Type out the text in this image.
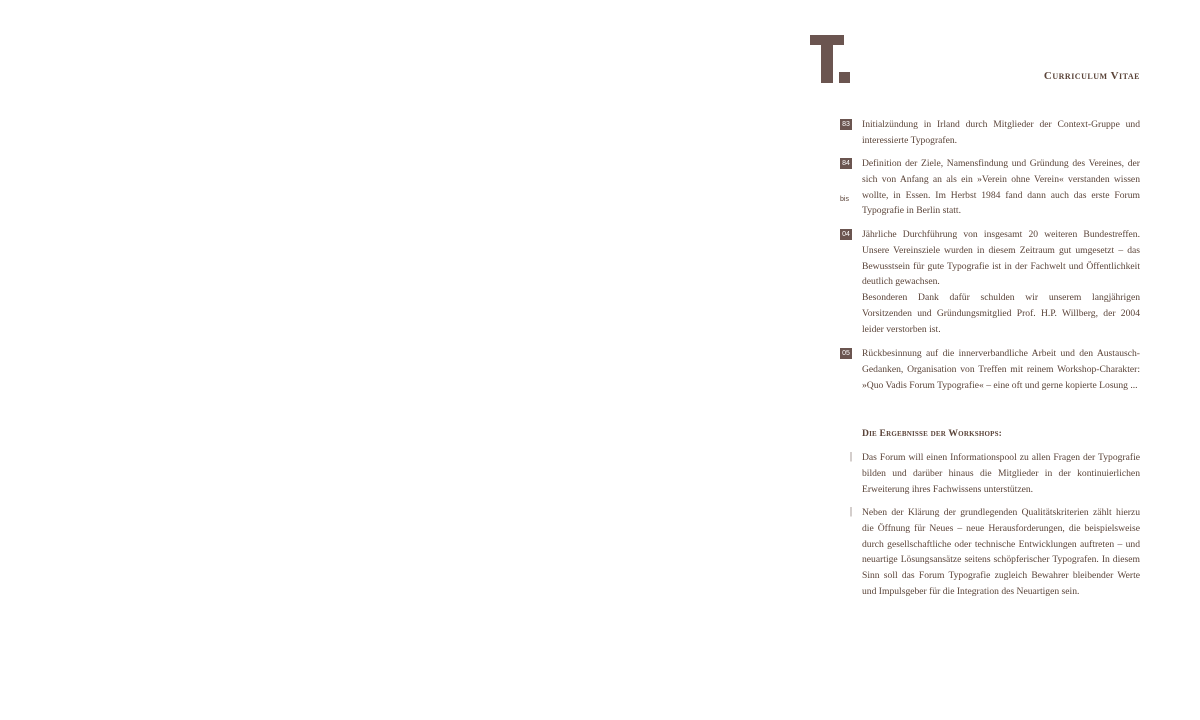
Curriculum Vitae
83 Initialzündung in Irland durch Mitglieder der Context-Gruppe und interessierte Typografen.

84
bis

Definition der Ziele, Namensfindung und Gründung des Vereines, der sich von Anfang an als ein »Verein ohne Verein« verstanden wissen wollte, in Essen. Im Herbst 1984 fand dann auch das erste Forum Typografie in Berlin statt.

04 Jährliche Durchführung von insgesamt 20 weiteren Bundestreffen. Unsere Vereinsziele wurden in diesem Zeitraum gut umgesetzt – das Bewusstsein für gute Typografie ist in der Fachwelt und Öffentlichkeit deutlich gewachsen.

Besonderen Dank dafür schulden wir unserem langjährigen Vorsitzenden und Gründungsmitglied Prof. H.P. Willberg, der 2004 leider verstorben ist.

05 Rückbesinnung auf die innerverbandliche Arbeit und den Austausch-Gedanken, Organisation von Treffen mit reinem Workshop-Charakter: »Quo Vadis Forum Typografie« – eine oft und gerne kopierte Losung ...

Die Ergebnisse der Workshops:
| Das Forum will einen Informationspool zu allen Fragen der Typografie bilden und darüber hinaus die Mitglieder in der kontinuierlichen Erweiterung ihres Fachwissens unterstützen.

| Neben der Klärung der grundlegenden Qualitätskriterien zählt hierzu die Öffnung für Neues – neue Herausforderungen, die beispielsweise durch gesellschaftliche oder technische Entwicklungen auftreten – und neuartige Lösungsansätze seitens schöpferischer Typografen. In diesem Sinn soll das Forum Typografie zugleich Bewahrer bleibender Werte und Impulsgeber für die Integration des Neuartigen sein.
